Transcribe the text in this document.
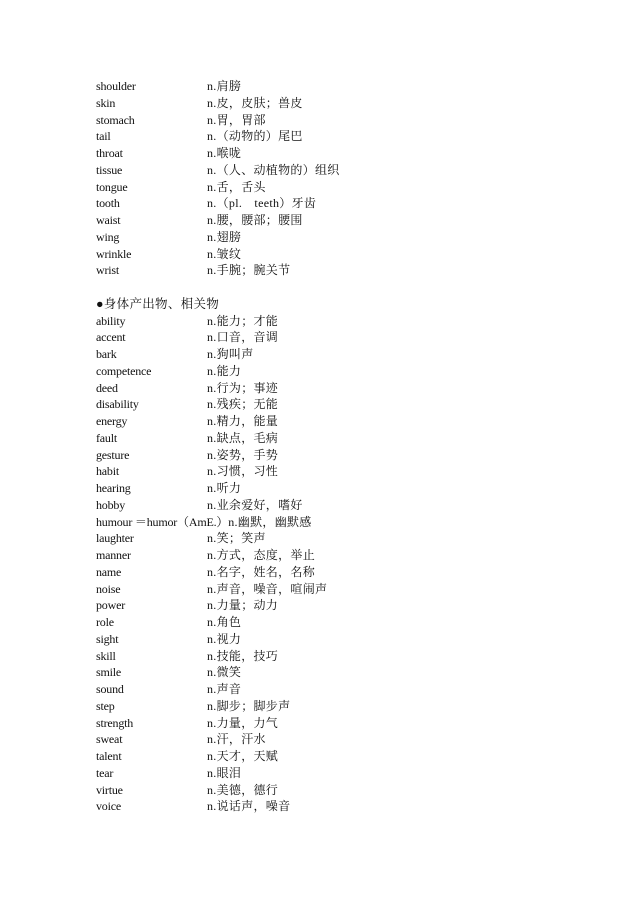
shoulder	n.肩膀
skin	n.皮，皮肤；兽皮
stomach	n.胃，胃部
tail	n.（动物的）尾巴
throat	n.喉咙
tissue	n.（人、动植物的）组织
tongue	n.舌，舌头
tooth	n.（pl.　teeth）牙齿
waist	n.腰，腰部；腰围
wing	n.翅膀
wrinkle	n.皱纹
wrist	n.手腕；腕关节
●身体产出物、相关物
ability	n.能力；才能
accent	n.口音，音调
bark	n.狗叫声
competence	n.能力
deed	n.行为；事迹
disability	n.残疾；无能
energy	n.精力，能量
fault	n.缺点，毛病
gesture	n.姿势，手势
habit	n.习惯，习性
hearing	n.听力
hobby	n.业余爱好，嗜好
humour ＝humor（AmE.） n.幽默，幽默感
laughter	n.笑；笑声
manner	n.方式，态度，举止
name	n.名字，姓名，名称
noise	n.声音，噪音，喧闹声
power	n.力量；动力
role	n.角色
sight	n.视力
skill	n.技能，技巧
smile	n.微笑
sound	n.声音
step	n.脚步；脚步声
strength	n.力量，力气
sweat	n.汗，汗水
talent	n.天才，天赋
tear	n.眼泪
virtue	n.美德，德行
voice	n.说话声，噪音
